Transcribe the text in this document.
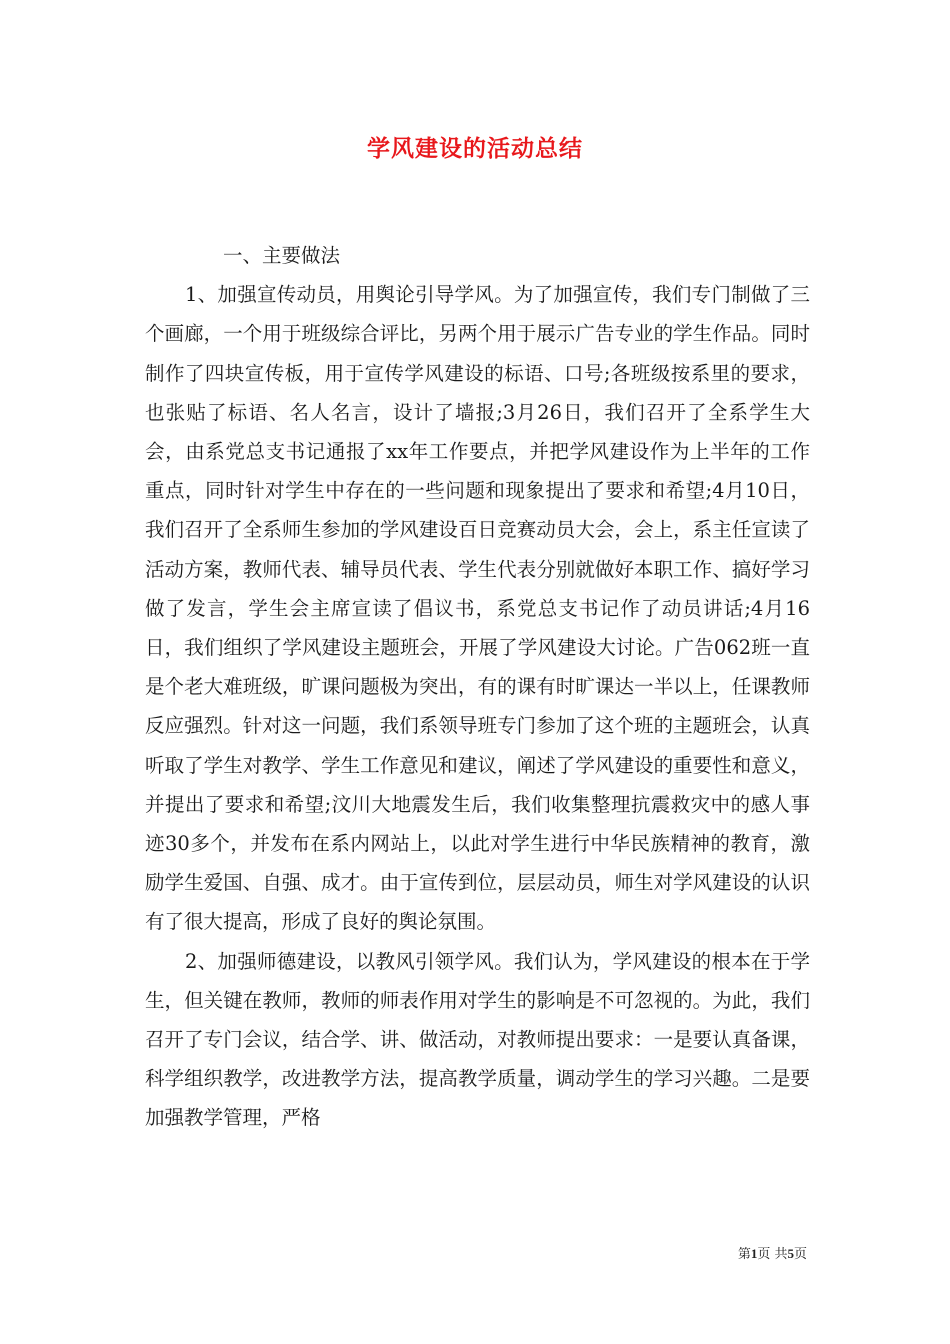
学风建设的活动总结

一、主要做法

1、加强宣传动员，用舆论引导学风。为了加强宣传，我们专门制做了三个画廊，一个用于班级综合评比，另两个用于展示广告专业的学生作品。同时制作了四块宣传板，用于宣传学风建设的标语、口号;各班级按系里的要求，也张贴了标语、名人名言，设计了墙报;3月26日，我们召开了全系学生大会，由系党总支书记通报了xx年工作要点，并把学风建设作为上半年的工作重点，同时针对学生中存在的一些问题和现象提出了要求和希望;4月10日，我们召开了全系师生参加的学风建设百日竞赛动员大会，会上，系主任宣读了活动方案，教师代表、辅导员代表、学生代表分别就做好本职工作、搞好学习做了发言，学生会主席宣读了倡议书，系党总支书记作了动员讲话;4月16日，我们组织了学风建设主题班会，开展了学风建设大讨论。广告062班一直是个老大难班级，旷课问题极为突出，有的课有时旷课达一半以上，任课教师反应强烈。针对这一问题，我们系领导班专门参加了这个班的主题班会，认真听取了学生对教学、学生工作意见和建议，阐述了学风建设的重要性和意义，并提出了要求和希望;汶川大地震发生后，我们收集整理抗震救灾中的感人事迹30多个，并发布在系内网站上，以此对学生进行中华民族精神的教育，激励学生爱国、自强、成才。由于宣传到位，层层动员，师生对学风建设的认识有了很大提高，形成了良好的舆论氛围。

2、加强师德建设，以教风引领学风。我们认为，学风建设的根本在于学生，但关键在教师，教师的师表作用对学生的影响是不可忽视的。为此，我们召开了专门会议，结合学、讲、做活动，对教师提出要求：一是要认真备课，科学组织教学，改进教学方法，提高教学质量，调动学生的学习兴趣。二是要加强教学管理，严格

第1页 共5页
